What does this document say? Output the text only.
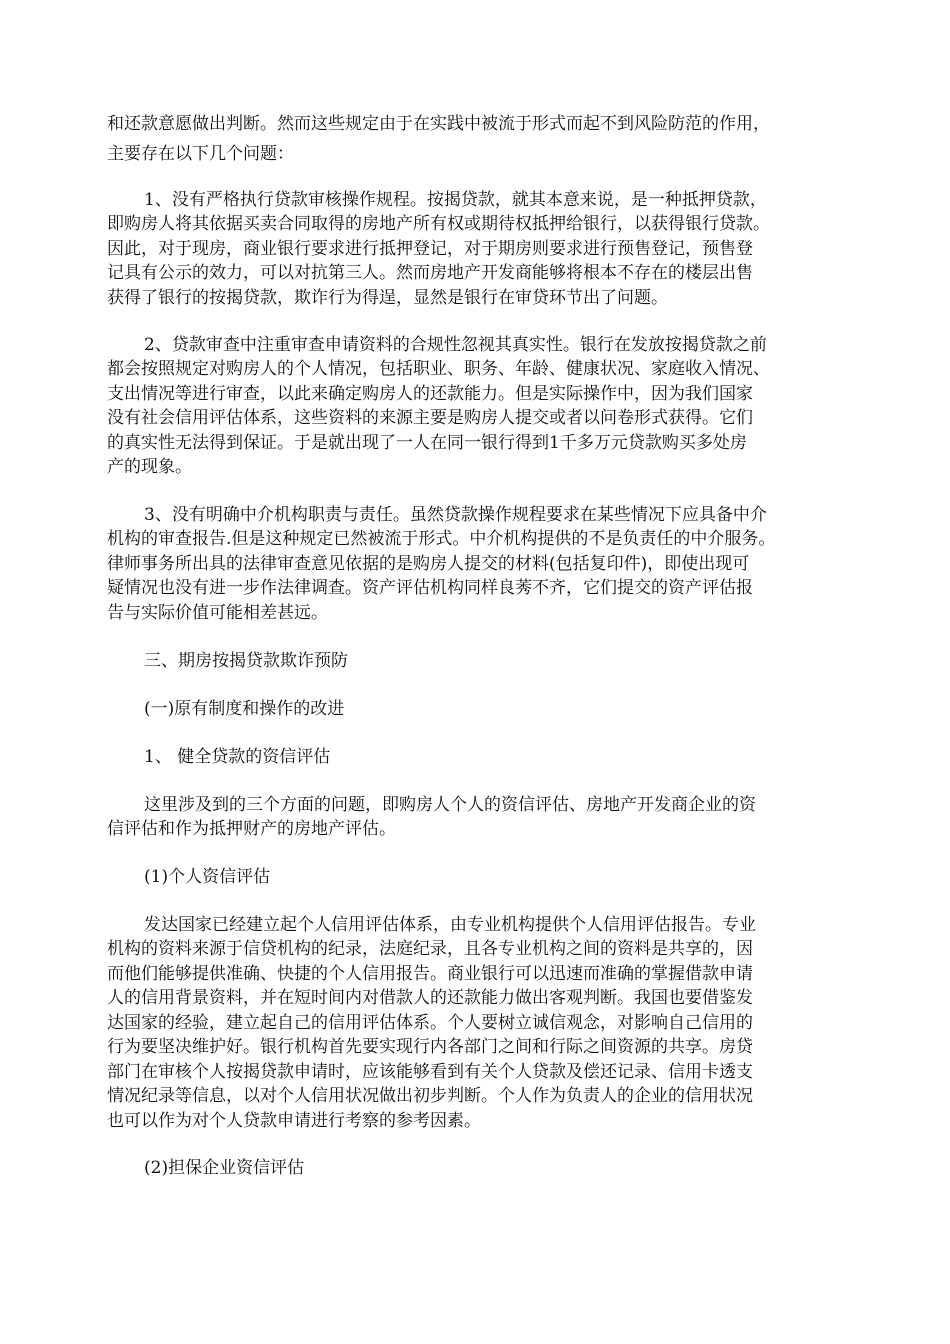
和还款意愿做出判断。然而这些规定由于在实践中被流于形式而起不到风险防范的作用，
主要存在以下几个问题：
1、没有严格执行贷款审核操作规程。按揭贷款，就其本意来说，是一种抵押贷款，
即购房人将其依据买卖合同取得的房地产所有权或期待权抵押给银行，以获得银行贷款。
因此，对于现房，商业银行要求进行抵押登记，对于期房则要求进行预售登记，预售登
记具有公示的效力，可以对抗第三人。然而房地产开发商能够将根本不存在的楼层出售
获得了银行的按揭贷款，欺诈行为得逞，显然是银行在审贷环节出了问题。
2、贷款审查中注重审查申请资料的合规性忽视其真实性。银行在发放按揭贷款之前
都会按照规定对购房人的个人情况，包括职业、职务、年龄、健康状况、家庭收入情况、
支出情况等进行审查，以此来确定购房人的还款能力。但是实际操作中，因为我们国家
没有社会信用评估体系，这些资料的来源主要是购房人提交或者以问卷形式获得。它们
的真实性无法得到保证。于是就出现了一人在同一银行得到1千多万元贷款购买多处房
产的现象。
3、没有明确中介机构职责与责任。虽然贷款操作规程要求在某些情况下应具备中介
机构的审查报告.但是这种规定已然被流于形式。中介机构提供的不是负责任的中介服务。
律师事务所出具的法律审查意见依据的是购房人提交的材料(包括复印件)，即使出现可
疑情况也没有进一步作法律调查。资产评估机构同样良莠不齐，它们提交的资产评估报
告与实际价值可能相差甚远。
三、期房按揭贷款欺诈预防
(一)原有制度和操作的改进
1、 健全贷款的资信评估
这里涉及到的三个方面的问题，即购房人个人的资信评估、房地产开发商企业的资
信评估和作为抵押财产的房地产评估。
(1)个人资信评估
发达国家已经建立起个人信用评估体系，由专业机构提供个人信用评估报告。专业
机构的资料来源于信贷机构的纪录，法庭纪录，且各专业机构之间的资料是共享的，因
而他们能够提供准确、快捷的个人信用报告。商业银行可以迅速而准确的掌握借款申请
人的信用背景资料，并在短时间内对借款人的还款能力做出客观判断。我国也要借鉴发
达国家的经验，建立起自己的信用评估体系。个人要树立诚信观念，对影响自己信用的
行为要坚决维护好。银行机构首先要实现行内各部门之间和行际之间资源的共享。房贷
部门在审核个人按揭贷款申请时，应该能够看到有关个人贷款及偿还记录、信用卡透支
情况纪录等信息，以对个人信用状况做出初步判断。个人作为负责人的企业的信用状况
也可以作为对个人贷款申请进行考察的参考因素。
(2)担保企业资信评估
